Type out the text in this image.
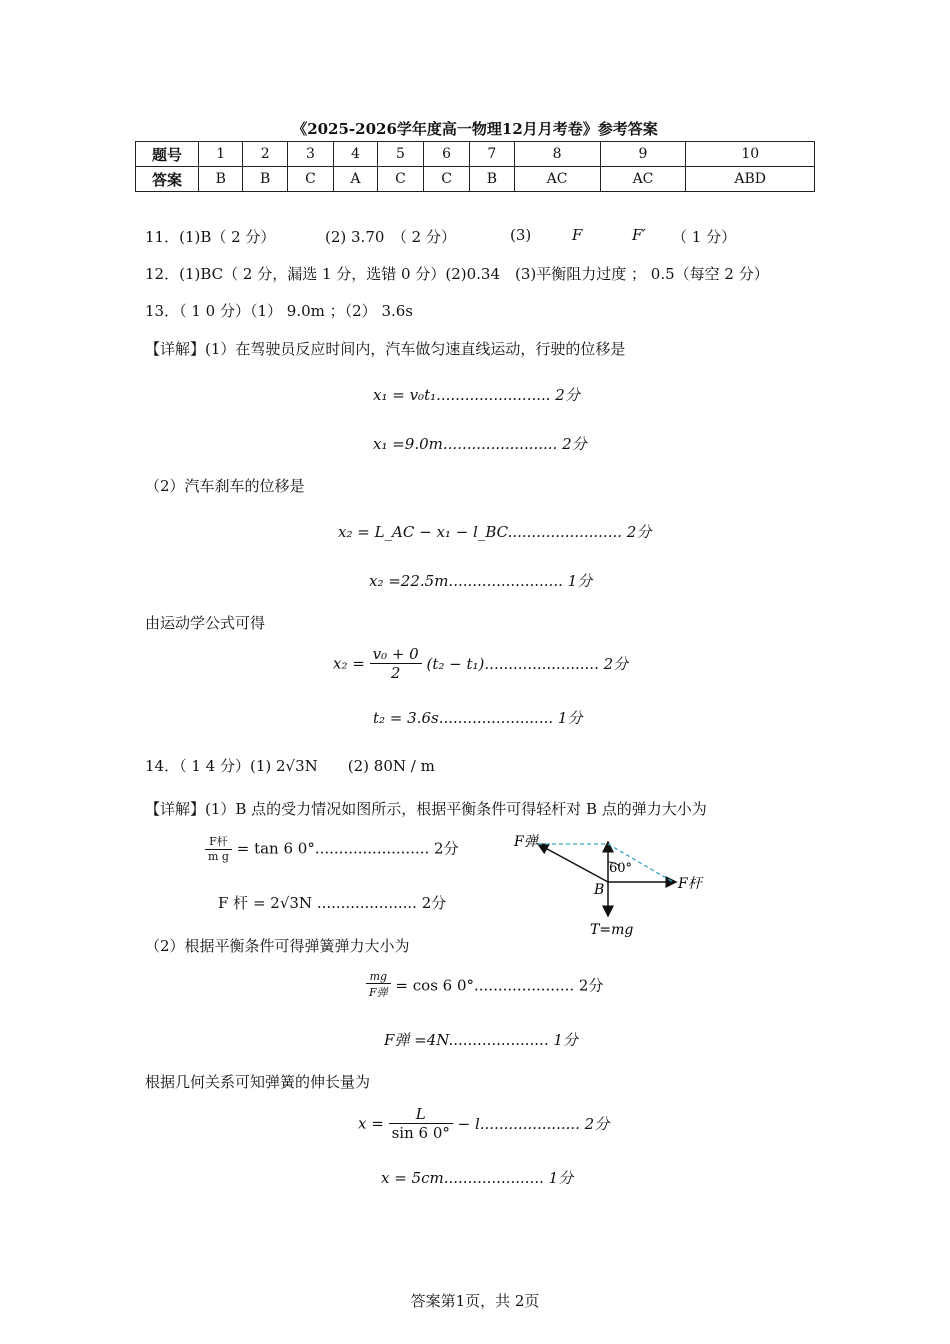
《2025-2026学年度高一物理12月月考卷》参考答案
题号	1	2	3	4	5	6	7	8	9	10
答案	B	B	C	A	C	C	B	AC	AC	ABD
11．(1)B（ 2 分）	(2) 3.70　（ 2 分）	(3)	F	F′ （ 1 分）
12．(1)BC（ 2 分，漏选 1 分，选错 0 分）(2)0.34　(3)平衡阻力过度 ； 0.5（每空 2 分）
13．（ 1 0 分）（1） 9.0m ；（2） 3.6s
【详解】(1）在驾驶员反应时间内，汽车做匀速直线运动，行驶的位移是
x₁ = v₀t₁........................ 2分
x₁ =9.0m........................ 2分
（2）汽车刹车的位移是
x₂ = L_AC − x₁ − l_BC........................ 2分
x₂ =22.5m........................ 1分
由运动学公式可得
$x_2 = \frac{\text{v₀ + 0}}{2} (t_2 - t_1)$........................ 2分
t₂ = 3.6s........................ 1分
14．（ 1 4 分）(1) 2√3N　　(2) 80N / m
【详解】(1）B 点的受力情况如图所示，根据平衡条件可得轻杆对 B 点的弹力大小为
$\frac{\text{F杆}}{\text{m g}} = \tan 6$ 0°........................ 2分
F 杆 = 2√3N ..................... 2分
（2）根据平衡条件可得弹簧弹力大小为
$\frac{mg}{\text{F弹}} = \cos 6$ 0°..................... 2分
F弹 =4N..................... 1分
根据几何关系可知弹簧的伸长量为
$x = \frac{L}{\sin 6 0^\circ} - l$..................... 2分
x = 5cm..................... 1分
F弹
60°
F杆
B
T=mg
答案第1页，共 2页
